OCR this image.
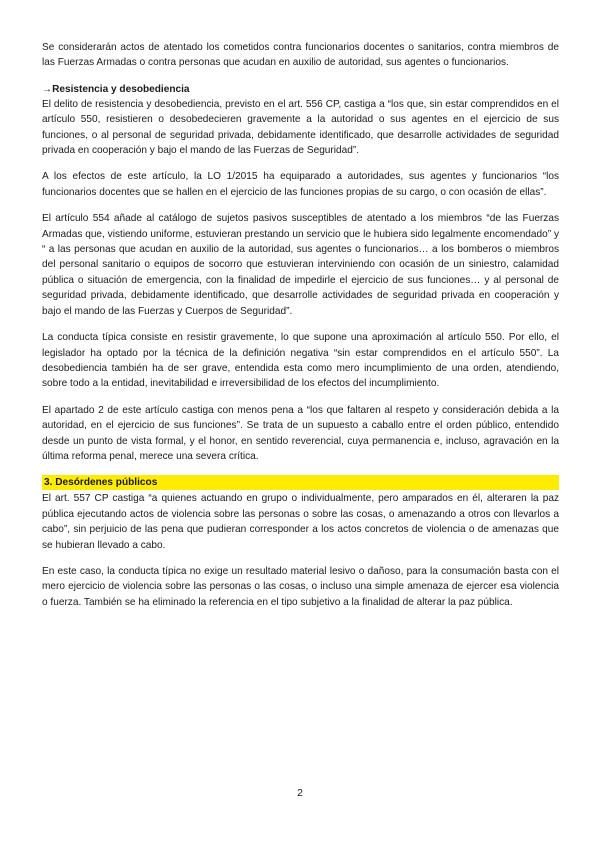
Se considerarán actos de atentado los cometidos contra funcionarios docentes o sanitarios, contra miembros de las Fuerzas Armadas o contra personas que acudan en auxilio de autoridad, sus agentes o funcionarios.

→Resistencia y desobediencia

El delito de resistencia y desobediencia, previsto en el art. 556 CP, castiga a “los que, sin estar comprendidos en el artículo 550, resistieren o desobedecieren gravemente a la autoridad o sus agentes en el ejercicio de sus funciones, o al personal de seguridad privada, debidamente identificado, que desarrolle actividades de seguridad privada en cooperación y bajo el mando de las Fuerzas de Seguridad”.

A los efectos de este artículo, la LO 1/2015 ha equiparado a autoridades, sus agentes y funcionarios “los funcionarios docentes que se hallen en el ejercicio de las funciones propias de su cargo, o con ocasión de ellas”.

El artículo 554 añade al catálogo de sujetos pasivos susceptibles de atentado a los miembros “de las Fuerzas Armadas que, vistiendo uniforme, estuvieran prestando un servicio que le hubiera sido legalmente encomendado” y “ a las personas que acudan en auxilio de la autoridad, sus agentes o funcionarios… a los bomberos o miembros del personal sanitario o equipos de socorro que estuvieran interviniendo con ocasión de un siniestro, calamidad pública o situación de emergencia, con la finalidad de impedirle el ejercicio de sus funciones… y al personal de seguridad privada, debidamente identificado, que desarrolle actividades de seguridad privada en cooperación y bajo el mando de las Fuerzas y Cuerpos de Seguridad”.

La conducta típica consiste en resistir gravemente, lo que supone una aproximación al artículo 550. Por ello, el legislador ha optado por la técnica de la definición negativa “sin estar comprendidos en el artículo 550”. La desobediencia también ha de ser grave, entendida esta como mero incumplimiento de una orden, atendiendo, sobre todo a la entidad, inevitabilidad e irreversibilidad de los efectos del incumplimiento.

El apartado 2 de este artículo castiga con menos pena a “los que faltaren al respeto y consideración debida a la autoridad, en el ejercicio de sus funciones”. Se trata de un supuesto a caballo entre el orden público, entendido desde un punto de vista formal, y el honor, en sentido reverencial, cuya permanencia e, incluso, agravación en la última reforma penal, merece una severa crítica.

3. Desórdenes públicos

El art. 557 CP castiga “a quienes actuando en grupo o individualmente, pero amparados en él, alteraren la paz pública ejecutando actos de violencia sobre las personas o sobre las cosas, o amenazando a otros con llevarlos a cabo”, sin perjuicio de las pena que pudieran corresponder a los actos concretos de violencia o de amenazas que se hubieran llevado a cabo.

En este caso, la conducta típica no exige un resultado material lesivo o dañoso, para la consumación basta con el mero ejercicio de violencia sobre las personas o las cosas, o incluso una simple amenaza de ejercer esa violencia o fuerza. También se ha eliminado la referencia en el tipo subjetivo a la finalidad de alterar la paz pública.

2
